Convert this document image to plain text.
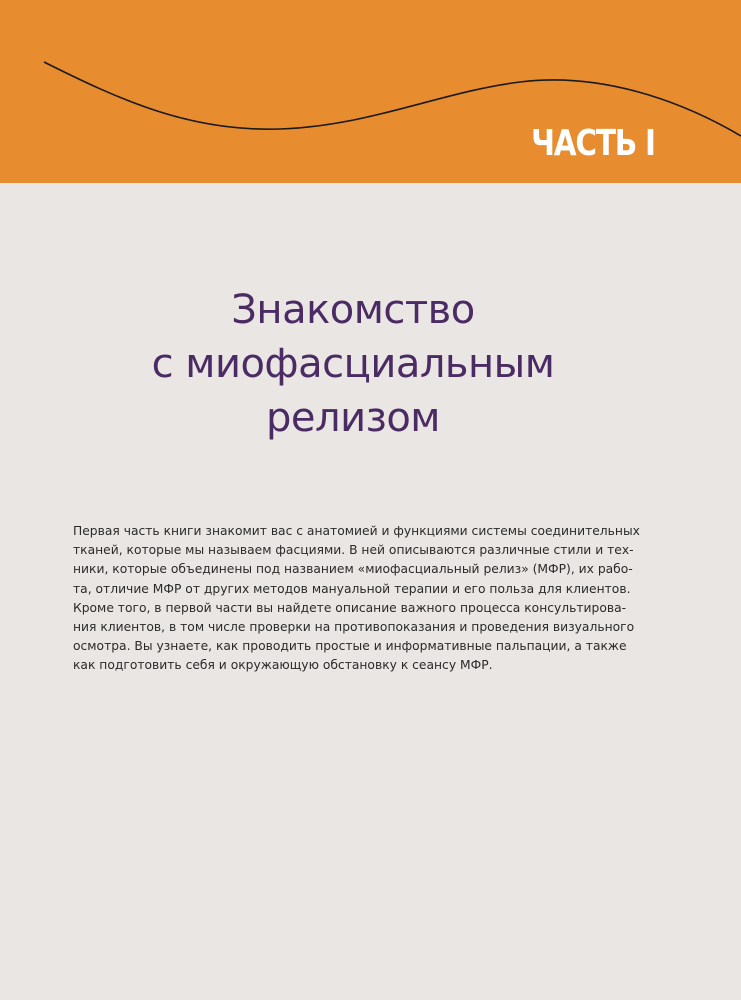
ЧАСТЬ I
Знакомство
с миофасциальным
релизом

Первая часть книги знакомит вас с анатомией и функциями системы соединительных
тканей, которые мы называем фасциями. В ней описываются различные стили и тех-
ники, которые объединены под названием «миофасциальный релиз» (МФР), их рабо-
та, отличие МФР от других методов мануальной терапии и его польза для клиентов.
Кроме того, в первой части вы найдете описание важного процесса консультирова-
ния клиентов, в том числе проверки на противопоказания и проведения визуального
осмотра. Вы узнаете, как проводить простые и информативные пальпации, а также
как подготовить себя и окружающую обстановку к сеансу МФР.
